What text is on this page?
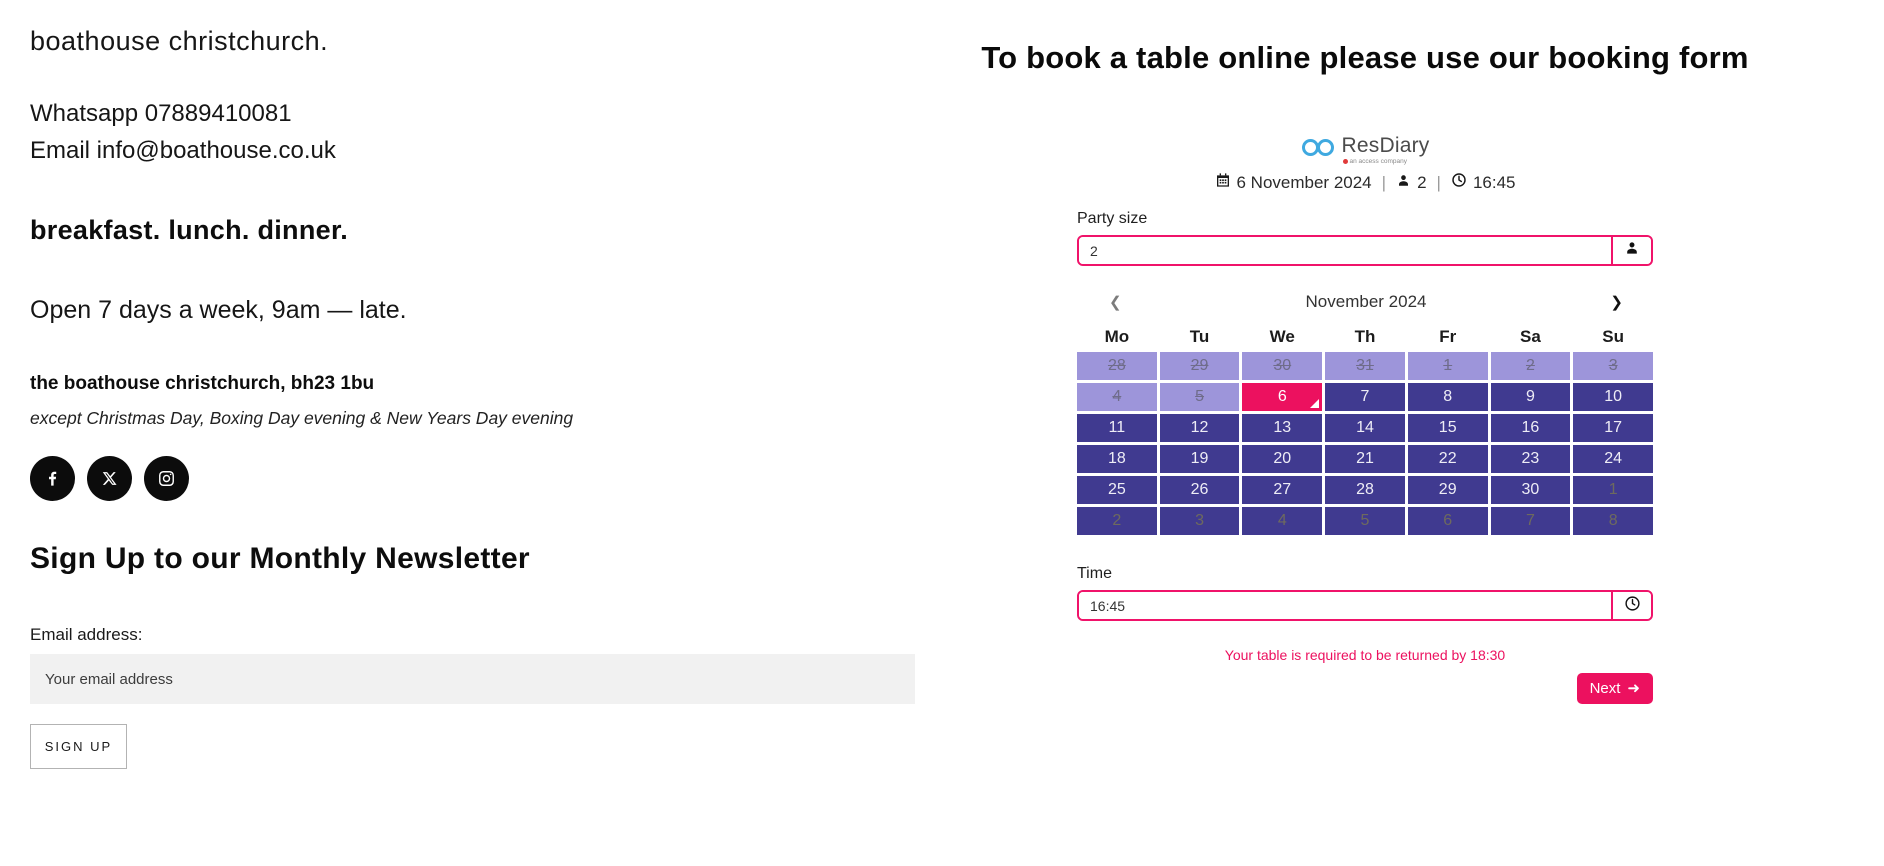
boathouse christchurch.
Whatsapp 07889410081
Email info@boathouse.co.uk
breakfast. lunch. dinner.
Open 7 days a week, 9am — late.
the boathouse christchurch, bh23 1bu
except Christmas Day, Boxing Day evening & New Years Day evening
Sign Up to our Monthly Newsletter
Email address:
Your email address SIGN UP
To book a table online please use our booking form
ResDiary
an access company
6 November 2024 | 2 | 16:45
Party size
2
❮	November 2024	❯
Mo	Tu	We	Th	Fr	Sa	Su
28	29	30	31	1	2	3
4	5	6	7	8	9	10
11	12	13	14	15	16	17
18	19	20	21	22	23	24
25	26	27	28	29	30	1
2	3	4	5	6	7	8
Time
16:45
Your table is required to be returned by 18:30
Next ➜
